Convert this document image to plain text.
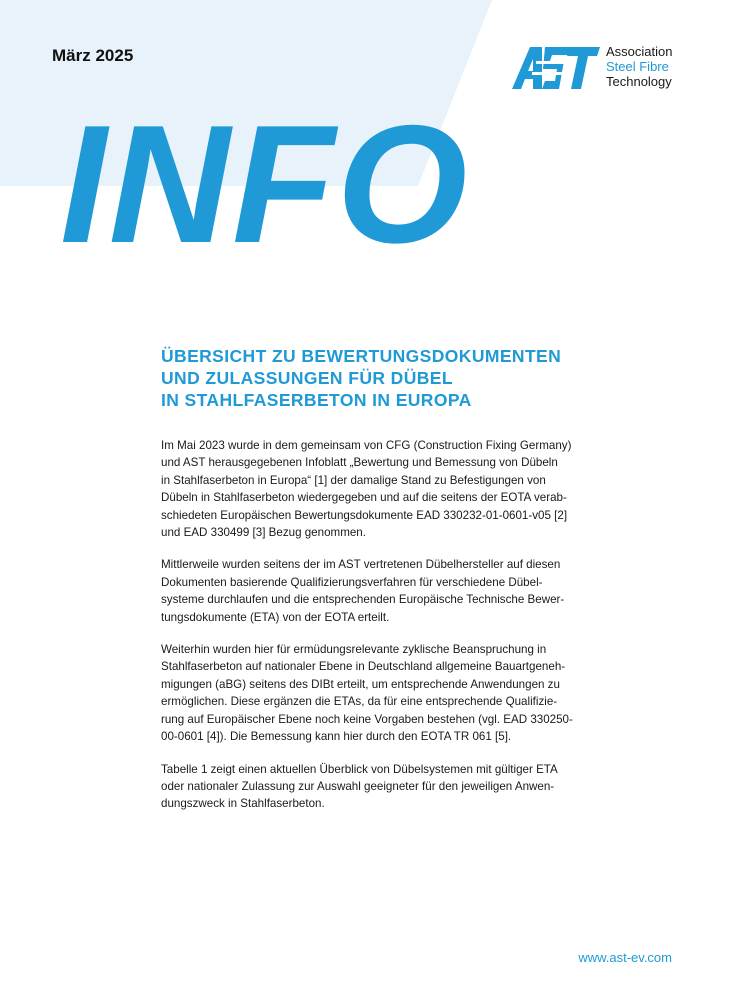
März 2025	Association
Steel Fibre
Technology
INFO
ÜBERSICHT ZU BEWERTUNGSDOKUMENTEN
UND ZULASSUNGEN FÜR DÜBEL
IN STAHLFASERBETON IN EUROPA

Im Mai 2023 wurde in dem gemeinsam von CFG (Construction Fixing Germany)
und AST herausgegebenen Infoblatt „Bewertung und Bemessung von Dübeln
in Stahlfaserbeton in Europa“ [1] der damalige Stand zu Befestigungen von
Dübeln in Stahlfaserbeton wiedergegeben und auf die seitens der EOTA verab-
schiedeten Europäischen Bewertungsdokumente EAD 330232-01-0601-v05 [2]
und EAD 330499 [3] Bezug genommen.

Mittlerweile wurden seitens der im AST vertretenen Dübelhersteller auf diesen
Dokumenten basierende Qualifizierungsverfahren für verschiedene Dübel-
systeme durchlaufen und die entsprechenden Europäische Technische Bewer-
tungsdokumente (ETA) von der EOTA erteilt.

Weiterhin wurden hier für ermüdungsrelevante zyklische Beanspruchung in
Stahlfaserbeton auf nationaler Ebene in Deutschland allgemeine Bauartgeneh-
migungen (aBG) seitens des DIBt erteilt, um entsprechende Anwendungen zu
ermöglichen. Diese ergänzen die ETAs, da für eine entsprechende Qualifizie-
rung auf Europäischer Ebene noch keine Vorgaben bestehen (vgl. EAD 330250-
00-0601 [4]). Die Bemessung kann hier durch den EOTA TR 061 [5].

Tabelle 1 zeigt einen aktuellen Überblick von Dübelsystemen mit gültiger ETA
oder nationaler Zulassung zur Auswahl geeigneter für den jeweiligen Anwen-
dungszweck in Stahlfaserbeton.

www.ast-ev.com
